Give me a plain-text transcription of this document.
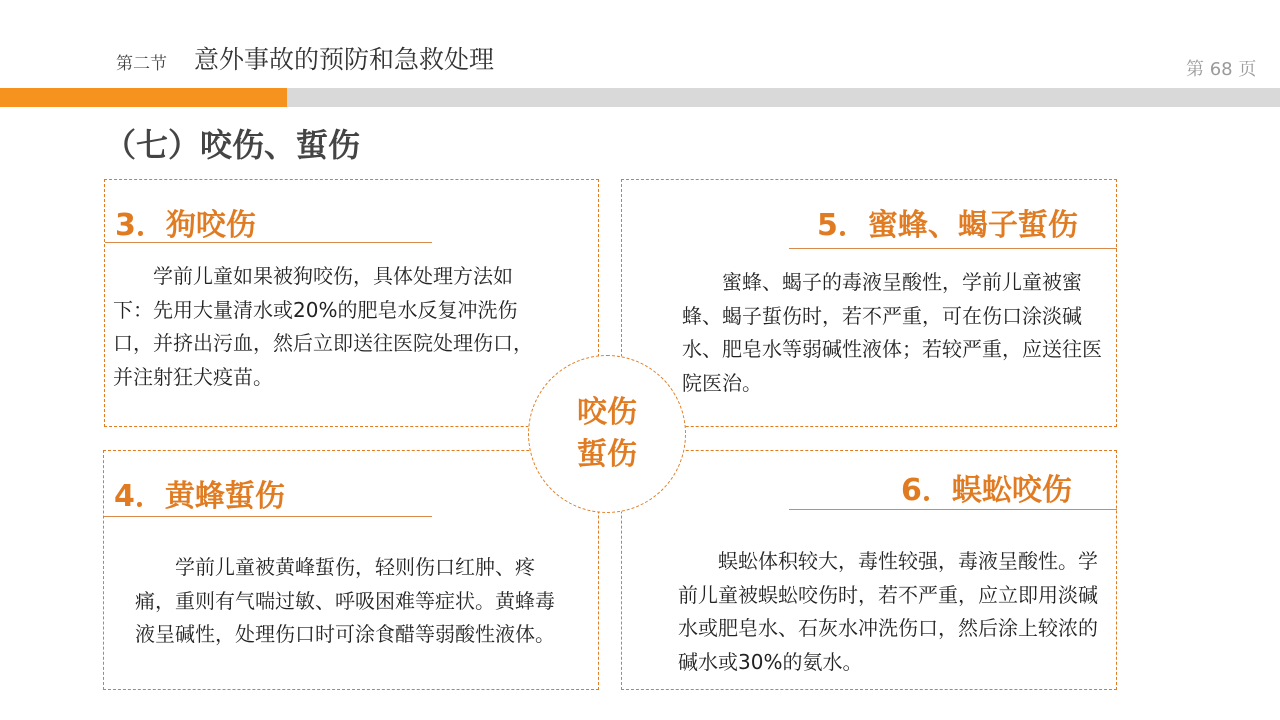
第二节 意外事故的预防和急救处理	第 68 页
（七）咬伤、蜇伤
3．狗咬伤
学前儿童如果被狗咬伤，具体处理方法如下：先用大量清水或20%的肥皂水反复冲洗伤口，并挤出污血，然后立即送往医院处理伤口，并注射狂犬疫苗。
4．黄蜂蜇伤
学前儿童被黄峰蜇伤，轻则伤口红肿、疼痛，重则有气喘过敏、呼吸困难等症状。黄蜂毒液呈碱性，处理伤口时可涂食醋等弱酸性液体。
5．蜜蜂、蝎子蜇伤
蜜蜂、蝎子的毒液呈酸性，学前儿童被蜜蜂、蝎子蜇伤时，若不严重，可在伤口涂淡碱水、肥皂水等弱碱性液体；若较严重，应送往医院医治。
6．蜈蚣咬伤
蜈蚣体积较大，毒性较强，毒液呈酸性。学前儿童被蜈蚣咬伤时，若不严重，应立即用淡碱水或肥皂水、石灰水冲洗伤口，然后涂上较浓的碱水或30%的氨水。
咬伤
蜇伤
